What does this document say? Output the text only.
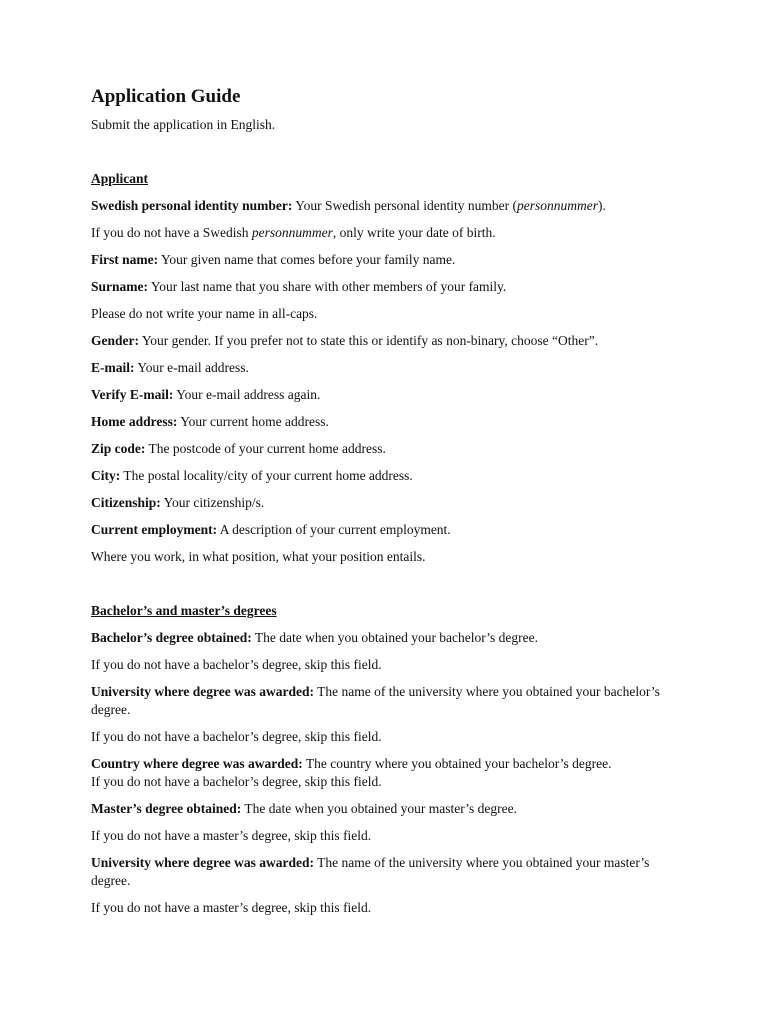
Application Guide

Submit the application in English.

Applicant

Swedish personal identity number: Your Swedish personal identity number (personnummer).

If you do not have a Swedish personnummer, only write your date of birth.

First name: Your given name that comes before your family name.

Surname: Your last name that you share with other members of your family.

Please do not write your name in all-caps.

Gender: Your gender. If you prefer not to state this or identify as non-binary, choose “Other”.

E-mail: Your e-mail address.

Verify E-mail: Your e-mail address again.

Home address: Your current home address.

Zip code: The postcode of your current home address.

City: The postal locality/city of your current home address.

Citizenship: Your citizenship/s.

Current employment: A description of your current employment.

Where you work, in what position, what your position entails.

Bachelor’s and master’s degrees

Bachelor’s degree obtained: The date when you obtained your bachelor’s degree.

If you do not have a bachelor’s degree, skip this field.

University where degree was awarded: The name of the university where you obtained your bachelor’s degree.

If you do not have a bachelor’s degree, skip this field.

Country where degree was awarded: The country where you obtained your bachelor’s degree.

If you do not have a bachelor’s degree, skip this field.

Master’s degree obtained: The date when you obtained your master’s degree.

If you do not have a master’s degree, skip this field.

University where degree was awarded: The name of the university where you obtained your master’s degree.

If you do not have a master’s degree, skip this field.
